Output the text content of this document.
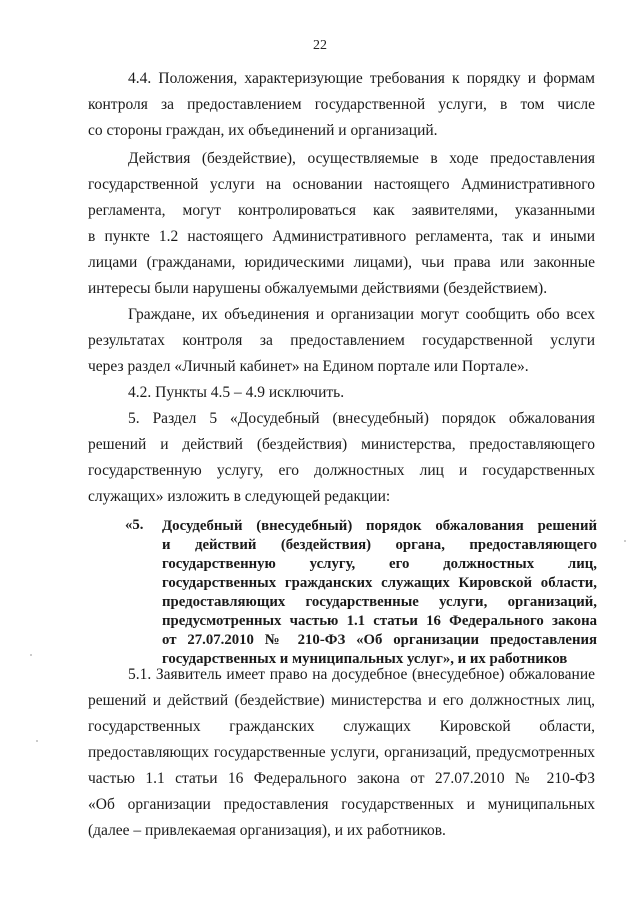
22
4.4. Положения, характеризующие требования к порядку и формам
контроля за предоставлением государственной услуги, в том числе
со стороны граждан, их объединений и организаций.
Действия (бездействие), осуществляемые в ходе предоставления
государственной услуги на основании настоящего Административного
регламента, могут контролироваться как заявителями, указанными
в пункте 1.2 настоящего Административного регламента, так и иными
лицами (гражданами, юридическими лицами), чьи права или законные
интересы были нарушены обжалуемыми действиями (бездействием).
Граждане, их объединения и организации могут сообщить обо всех
результатах контроля за предоставлением государственной услуги
через раздел «Личный кабинет» на Едином портале или Портале».
4.2. Пункты 4.5 – 4.9 исключить.
5. Раздел 5 «Досудебный (внесудебный) порядок обжалования
решений и действий (бездействия) министерства, предоставляющего
государственную услугу, его должностных лиц и государственных
служащих» изложить в следующей редакции:
«5. Досудебный (внесудебный) порядок обжалования решений
и действий (бездействия) органа, предоставляющего
государственную услугу, его должностных лиц,
государственных гражданских служащих Кировской области,
предоставляющих государственные услуги, организаций,
предусмотренных частью 1.1 статьи 16 Федерального закона
от 27.07.2010 № 210-ФЗ «Об организации предоставления
государственных и муниципальных услуг», и их работников
5.1. Заявитель имеет право на досудебное (внесудебное) обжалование
решений и действий (бездействие) министерства и его должностных лиц,
государственных гражданских служащих Кировской области,
предоставляющих государственные услуги, организаций, предусмотренных
частью 1.1 статьи 16 Федерального закона от 27.07.2010 № 210-ФЗ
«Об организации предоставления государственных и муниципальных
(далее – привлекаемая организация), и их работников.
